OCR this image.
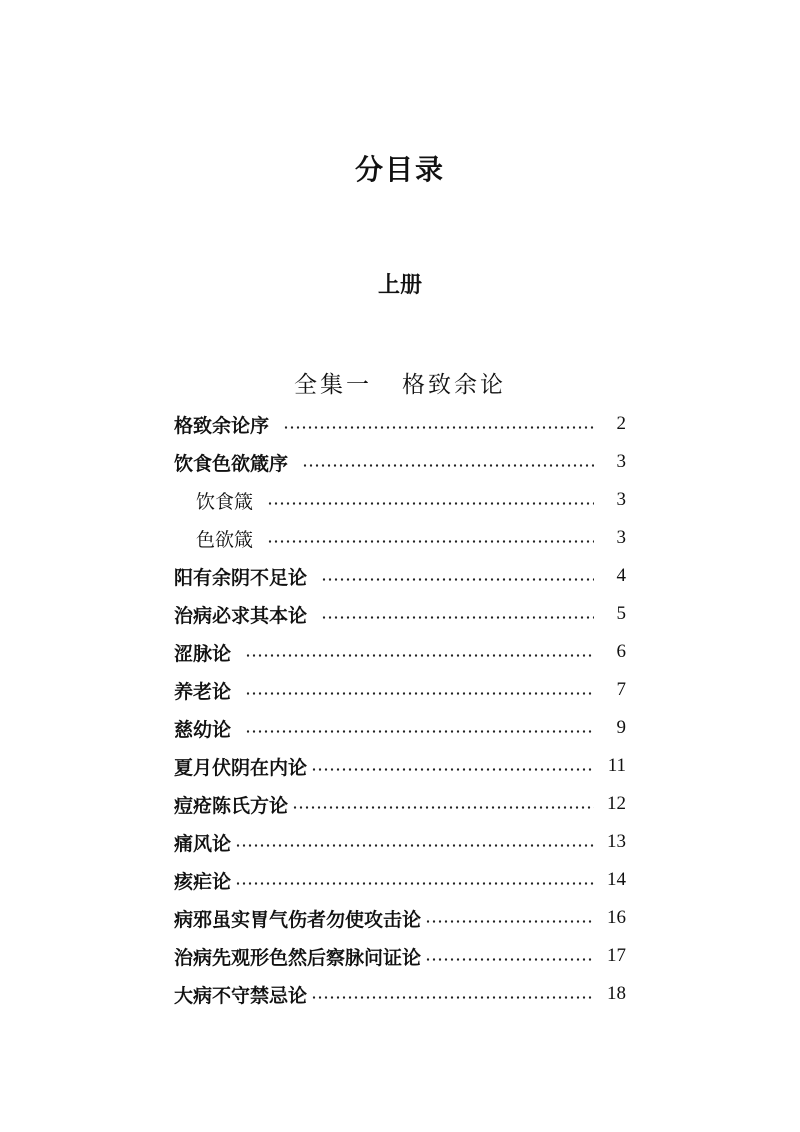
分目录
上册
全集一 格致余论
格致余论序	2
饮食色欲箴序	3
饮食箴	3
色欲箴	3
阳有余阴不足论	4
治病必求其本论	5
涩脉论	6
养老论	7
慈幼论	9
夏月伏阴在内论	11
痘疮陈氏方论	12
痛风论	13
痎疟论	14
病邪虽实胃气伤者勿使攻击论	16
治病先观形色然后察脉问证论	17
大病不守禁忌论	18
